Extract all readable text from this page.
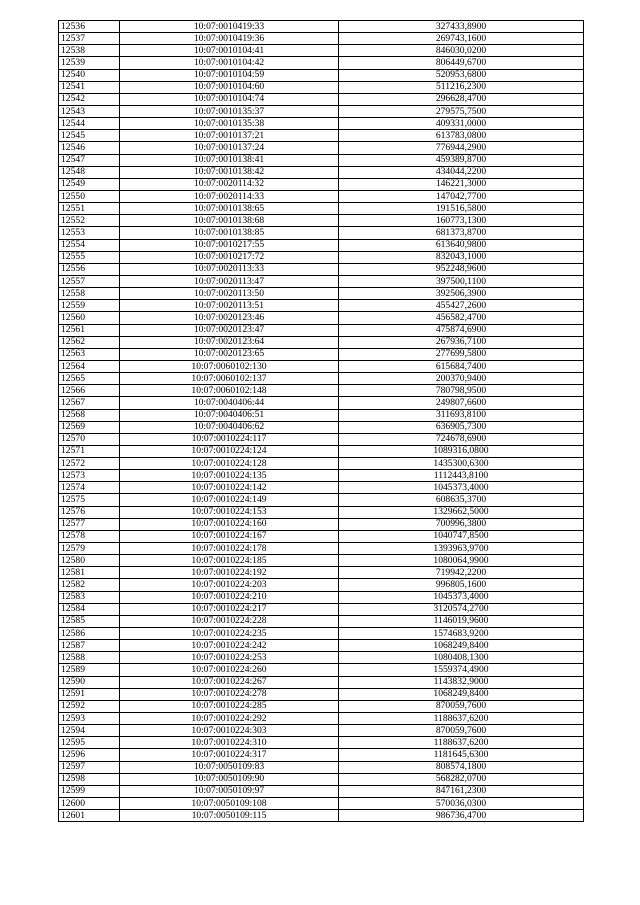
12536	10:07:0010419:33	327433,8900
12537	10:07:0010419:36	269743,1600
12538	10:07:0010104:41	846030,0200
12539	10:07:0010104:42	806449,6700
12540	10:07:0010104:59	520953,6800
12541	10:07:0010104:60	511216,2300
12542	10:07:0010104:74	296628,4700
12543	10:07:0010135:37	279575,7500
12544	10:07:0010135:38	409331,0000
12545	10:07:0010137:21	613783,0800
12546	10:07:0010137:24	776944,2900
12547	10:07:0010138:41	459389,8700
12548	10:07:0010138:42	434044,2200
12549	10:07:0020114:32	146221,3000
12550	10:07:0020114:33	147042,7700
12551	10:07:0010138:65	191516,5800
12552	10:07:0010138:68	160773,1300
12553	10:07:0010138:85	681373,8700
12554	10:07:0010217:55	613640,9800
12555	10:07:0010217:72	832043,1000
12556	10:07:0020113:33	952248,9600
12557	10:07:0020113:47	397500,1100
12558	10:07:0020113:50	392506,3900
12559	10:07:0020113:51	455427,2600
12560	10:07:0020123:46	456582,4700
12561	10:07:0020123:47	475874,6900
12562	10:07:0020123:64	267936,7100
12563	10:07:0020123:65	277699,5800
12564	10:07:0060102:130	615684,7400
12565	10:07:0060102:137	200370,9400
12566	10:07:0060102:148	780798,9500
12567	10:07:0040406:44	249807,6600
12568	10:07:0040406:51	311693,8100
12569	10:07:0040406:62	636905,7300
12570	10:07:0010224:117	724678,6900
12571	10:07:0010224:124	1089316,0800
12572	10:07:0010224:128	1435300,6300
12573	10:07:0010224:135	1112443,8100
12574	10:07:0010224:142	1045373,4000
12575	10:07:0010224:149	608635,3700
12576	10:07:0010224:153	1329662,5000
12577	10:07:0010224:160	700996,3800
12578	10:07:0010224:167	1040747,8500
12579	10:07:0010224:178	1393963,9700
12580	10:07:0010224:185	1080064,9900
12581	10:07:0010224:192	719942,2200
12582	10:07:0010224:203	996805,1600
12583	10:07:0010224:210	1045373,4000
12584	10:07:0010224:217	3120574,2700
12585	10:07:0010224:228	1146019,9600
12586	10:07:0010224:235	1574683,9200
12587	10:07:0010224:242	1068249,8400
12588	10:07:0010224:253	1080408,1300
12589	10:07:0010224:260	1559374,4900
12590	10:07:0010224:267	1143832,9000
12591	10:07:0010224:278	1068249,8400
12592	10:07:0010224:285	870059,7600
12593	10:07:0010224:292	1188637,6200
12594	10:07:0010224:303	870059,7600
12595	10:07:0010224:310	1188637,6200
12596	10:07:0010224:317	1181645,6300
12597	10:07:0050109:83	808574,1800
12598	10:07:0050109:90	568282,0700
12599	10:07:0050109:97	847161,2300
12600	10:07:0050109:108	570036,0300
12601	10:07:0050109:115	986736,4700
